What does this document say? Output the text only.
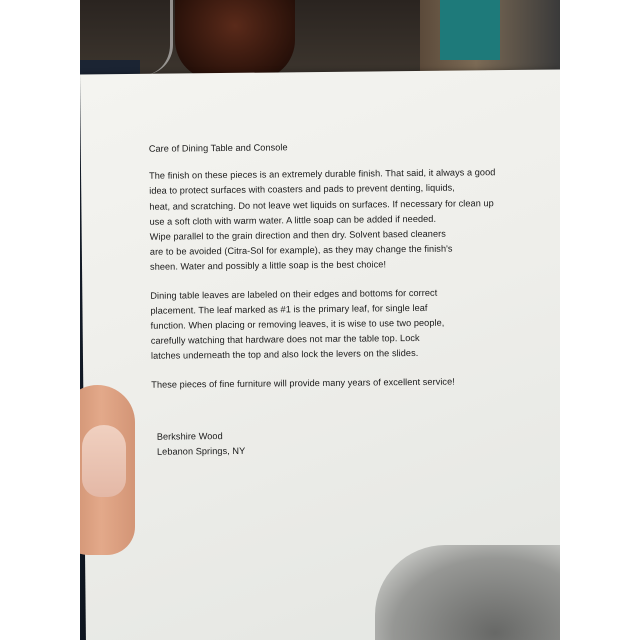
Care of Dining Table and Console

The finish on these pieces is an extremely durable finish. That said, it always a good

idea to protect surfaces with coasters and pads to prevent denting, liquids,

heat, and scratching. Do not leave wet liquids on surfaces. If necessary for clean up

use a soft cloth with warm water. A little soap can be added if needed.

Wipe parallel to the grain direction and then dry. Solvent based cleaners

are to be avoided (Citra-Sol for example), as they may change the finish's

sheen. Water and possibly a little soap is the best choice!

Dining table leaves are labeled on their edges and bottoms for correct

placement. The leaf marked as #1 is the primary leaf, for single leaf

function. When placing or removing leaves, it is wise to use two people,

carefully watching that hardware does not mar the table top. Lock

latches underneath the top and also lock the levers on the slides.

These pieces of fine furniture will provide many years of excellent service!

Berkshire Wood

Lebanon Springs, NY
